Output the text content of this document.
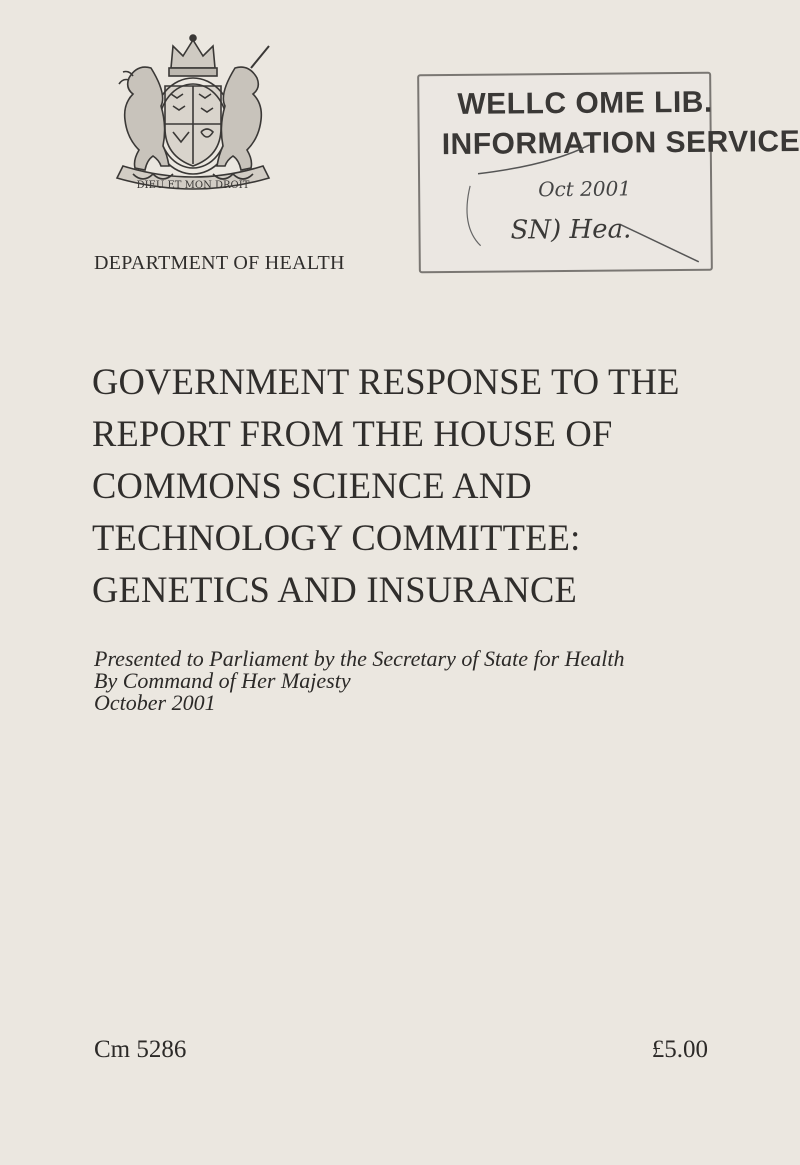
DIEU ET MON DROIT
DEPARTMENT OF HEALTH
WELLC OME LIB.
INFORMATION SERVICE
Oct 2001
SN) Hea.
GOVERNMENT RESPONSE TO THE
REPORT FROM THE HOUSE OF
COMMONS SCIENCE AND
TECHNOLOGY COMMITTEE:
GENETICS AND INSURANCE
Presented to Parliament by the Secretary of State for Health
By Command of Her Majesty
October 2001
Cm 5286	£5.00
